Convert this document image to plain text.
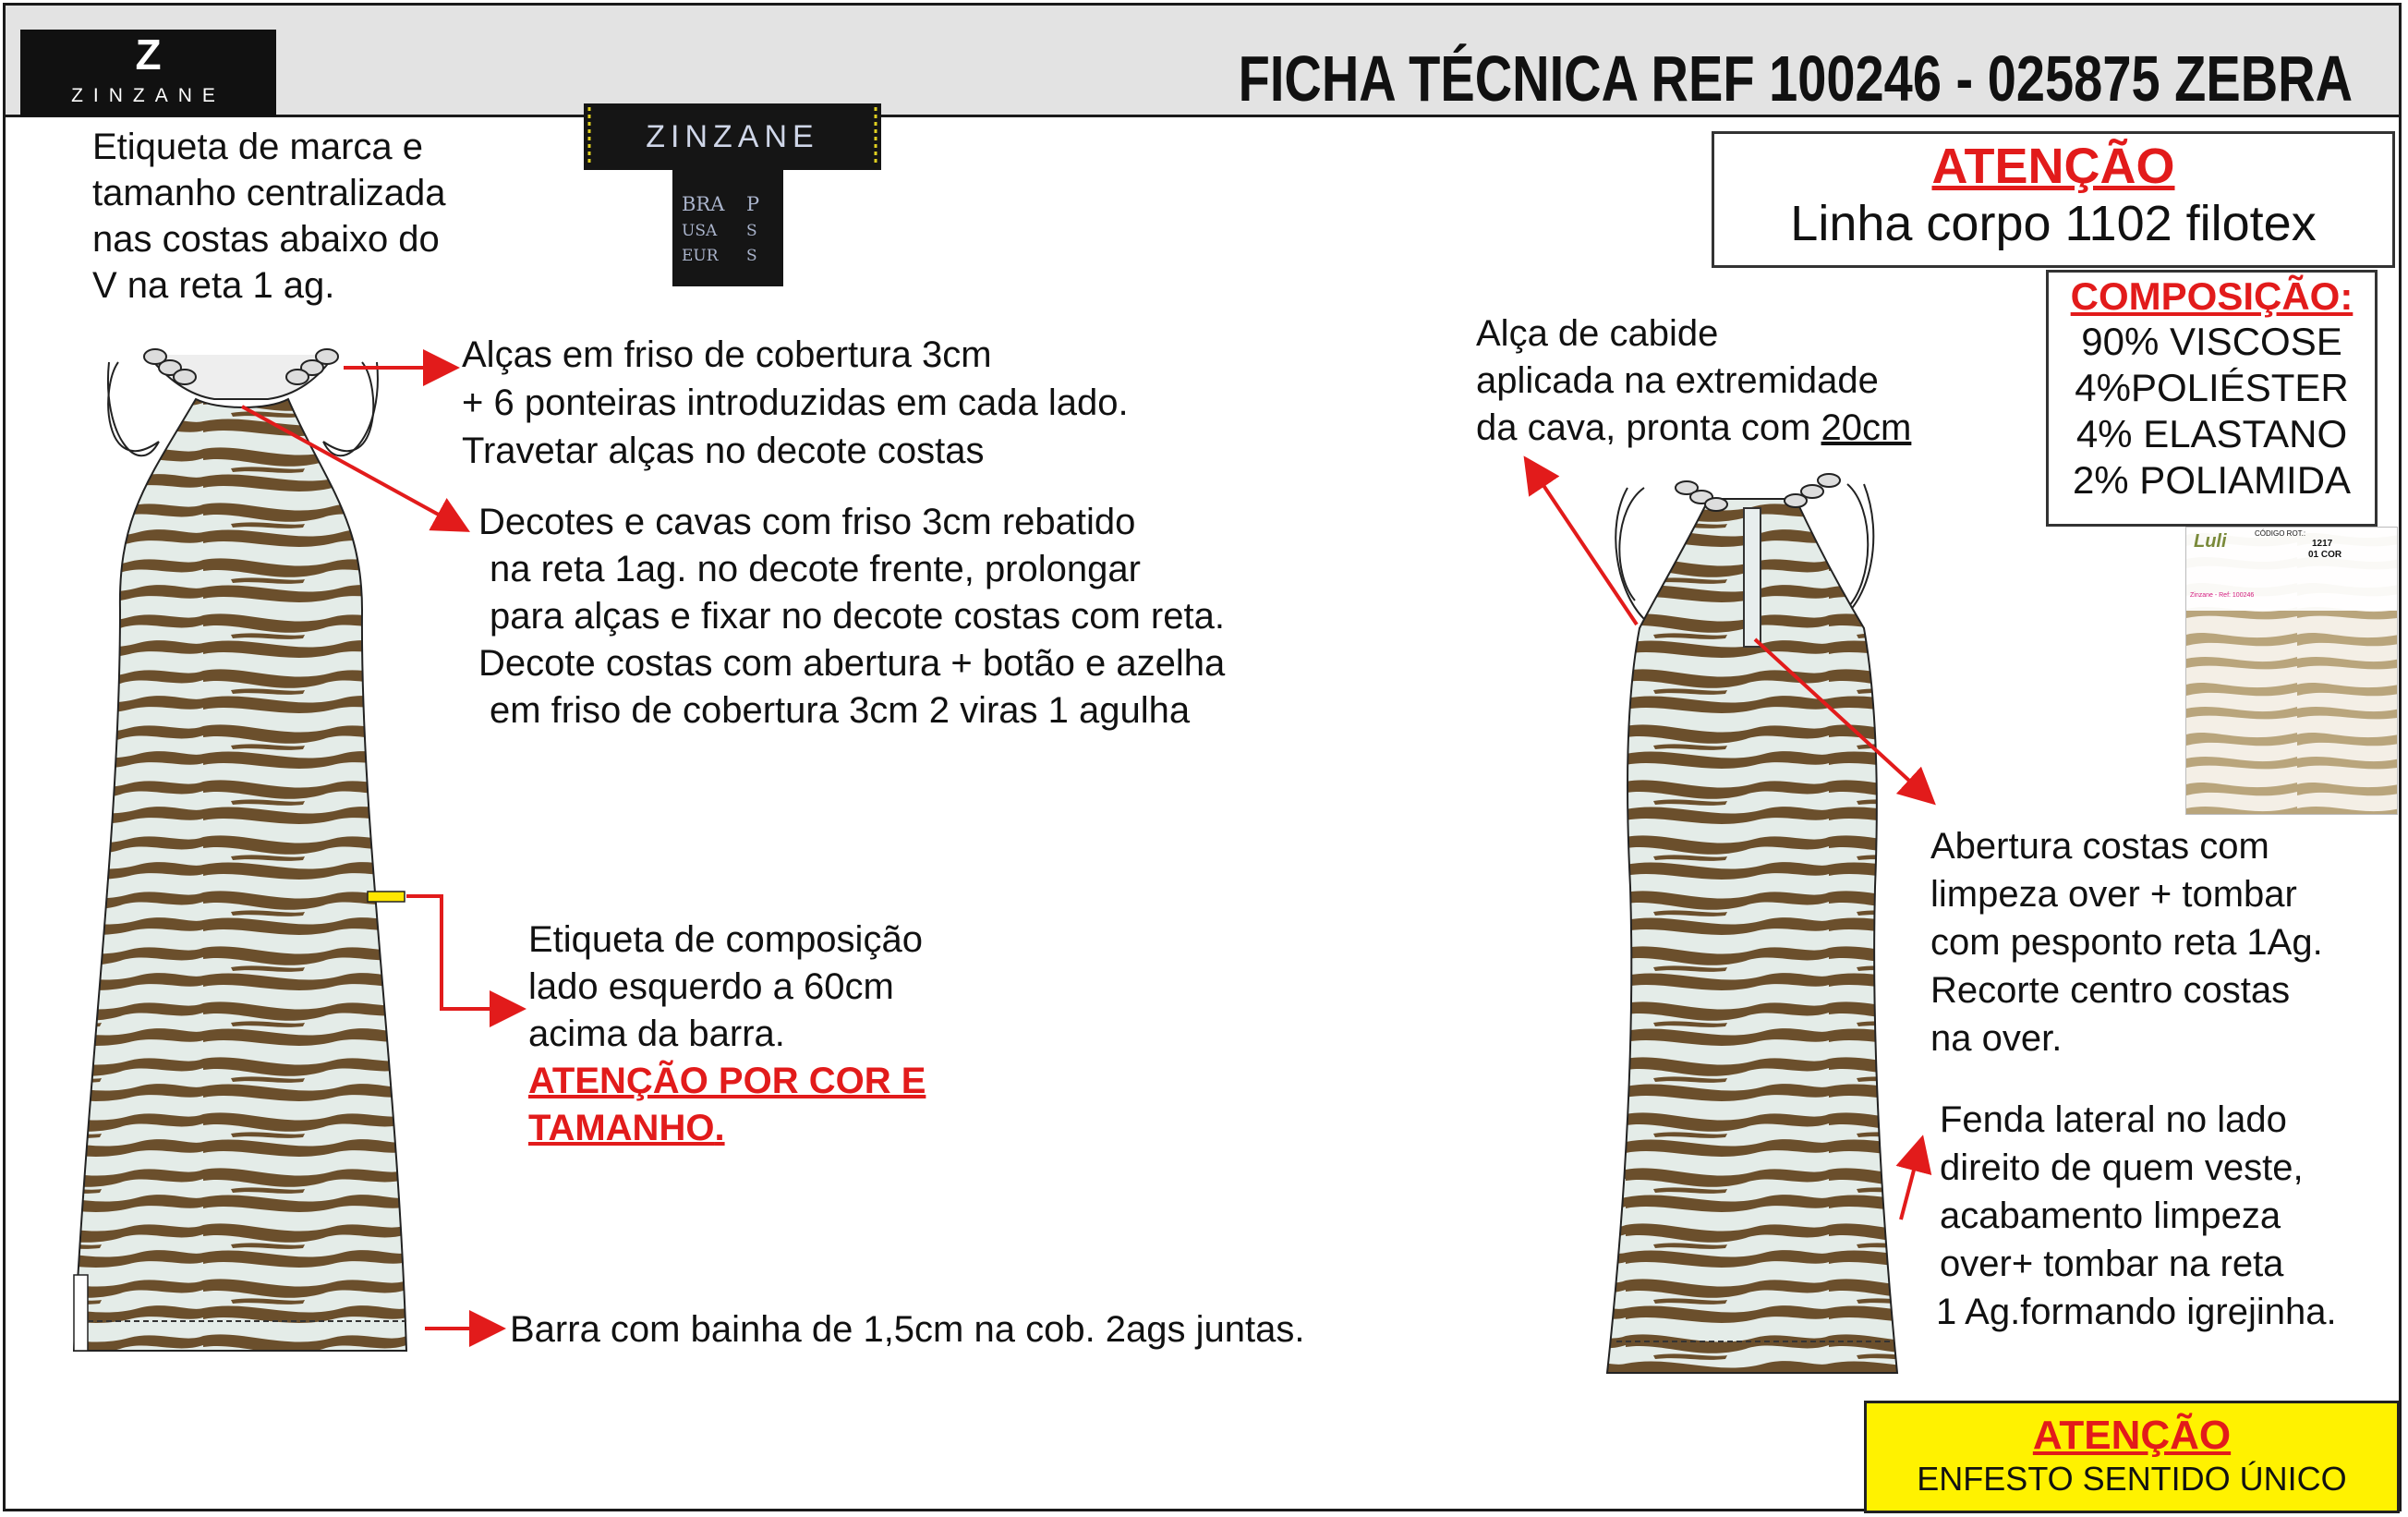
Z
ZINZANE	FICHA TÉCNICA REF 100246 - 025875 ZEBRA
ZINZANE
BRA P
USA S
EUR S
ATENÇÃO
Linha corpo 1102 filotex
COMPOSIÇÃO:
90% VISCOSE
4%POLIÉSTER
4% ELASTANO
2% POLIAMIDA
Luli	CÓDIGO ROT.:
1217
01 COR
Zinzane - Ref: 100246
Etiqueta de marca e
tamanho centralizada
nas costas abaixo do
V na reta 1 ag.
Alças em friso de cobertura 3cm
+ 6 ponteiras introduzidas em cada lado.
Travetar alças no decote costas
Decotes e cavas com friso 3cm rebatido
na reta 1ag. no decote frente, prolongar
para alças e fixar no decote costas com reta.
Decote costas com abertura + botão e azelha
em friso de cobertura 3cm 2 viras 1 agulha
Etiqueta de composição
lado esquerdo a 60cm
acima da barra.
ATENÇÃO POR COR E
TAMANHO.
Barra com bainha de 1,5cm na cob. 2ags juntas.
Alça de cabide
aplicada na extremidade
da cava, pronta com 20cm
Abertura costas com
limpeza over + tombar
com pesponto reta 1Ag.
Recorte centro costas
na over.
Fenda lateral no lado
direito de quem veste,
acabamento limpeza
over+ tombar na reta
1 Ag.formando igrejinha.
ATENÇÃO
ENFESTO SENTIDO ÚNICO
